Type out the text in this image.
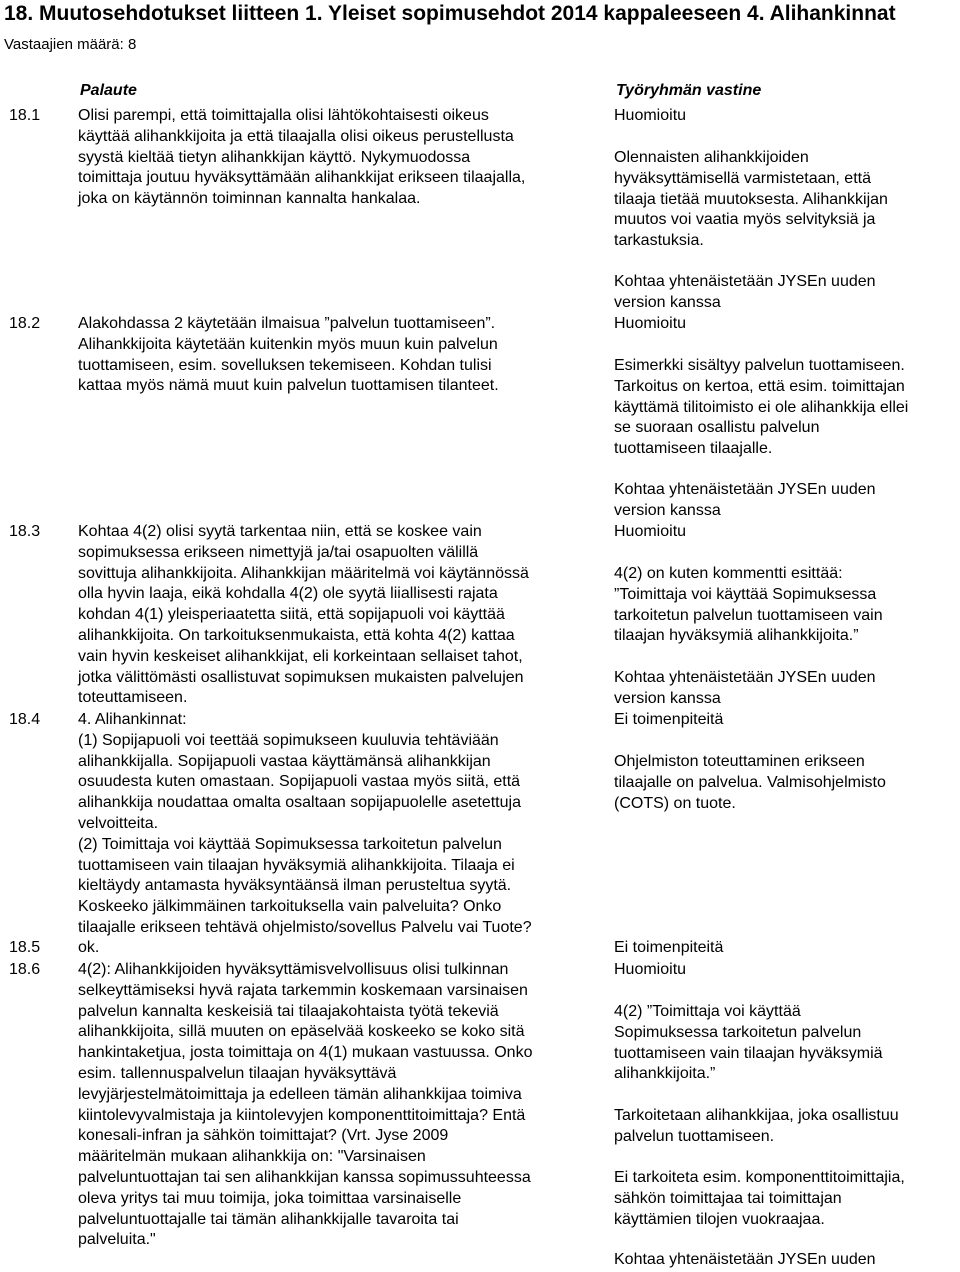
18. Muutosehdotukset liitteen 1. Yleiset sopimusehdot 2014 kappaleeseen 4. Alihankinnat
Vastaajien määrä: 8
Palaute	Työryhmän vastine
18.1 Olisi parempi, että toimittajalla olisi lähtökohtaisesti oikeus
käyttää alihankkijoita ja että tilaajalla olisi oikeus perustellusta
syystä kieltää tietyn alihankkijan käyttö. Nykymuodossa
toimittaja joutuu hyväksyttämään alihankkijat erikseen tilaajalla,
joka on käytännön toiminnan kannalta hankalaa.
Huomioitu
Olennaisten alihankkijoiden
hyväksyttämisellä varmistetaan, että
tilaaja tietää muutoksesta. Alihankkijan
muutos voi vaatia myös selvityksiä ja
tarkastuksia.
Kohtaa yhtenäistetään JYSEn uuden
version kanssa
18.2 Alakohdassa 2 käytetään ilmaisua ”palvelun tuottamiseen”.
Alihankkijoita käytetään kuitenkin myös muun kuin palvelun
tuottamiseen, esim. sovelluksen tekemiseen. Kohdan tulisi
kattaa myös nämä muut kuin palvelun tuottamisen tilanteet.
Huomioitu
Esimerkki sisältyy palvelun tuottamiseen.
Tarkoitus on kertoa, että esim. toimittajan
käyttämä tilitoimisto ei ole alihankkija ellei
se suoraan osallistu palvelun
tuottamiseen tilaajalle.
Kohtaa yhtenäistetään JYSEn uuden
version kanssa
18.3 Kohtaa 4(2) olisi syytä tarkentaa niin, että se koskee vain
sopimuksessa erikseen nimettyjä ja/tai osapuolten välillä
sovittuja alihankkijoita. Alihankkijan määritelmä voi käytännössä
olla hyvin laaja, eikä kohdalla 4(2) ole syytä liiallisesti rajata
kohdan 4(1) yleisperiaatetta siitä, että sopijapuoli voi käyttää
alihankkijoita. On tarkoituksenmukaista, että kohta 4(2) kattaa
vain hyvin keskeiset alihankkijat, eli korkeintaan sellaiset tahot,
jotka välittömästi osallistuvat sopimuksen mukaisten palvelujen
toteuttamiseen.
Huomioitu
4(2) on kuten kommentti esittää:
”Toimittaja voi käyttää Sopimuksessa
tarkoitetun palvelun tuottamiseen vain
tilaajan hyväksymiä alihankkijoita.”
Kohtaa yhtenäistetään JYSEn uuden
version kanssa
18.4 4. Alihankinnat:
(1) Sopijapuoli voi teettää sopimukseen kuuluvia tehtäviään
alihankkijalla. Sopijapuoli vastaa käyttämänsä alihankkijan
osuudesta kuten omastaan. Sopijapuoli vastaa myös siitä, että
alihankkija noudattaa omalta osaltaan sopijapuolelle asetettuja
velvoitteita.
(2) Toimittaja voi käyttää Sopimuksessa tarkoitetun palvelun
tuottamiseen vain tilaajan hyväksymiä alihankkijoita. Tilaaja ei
kieltäydy antamasta hyväksyntäänsä ilman perusteltua syytä.
Koskeeko jälkimmäinen tarkoituksella vain palveluita? Onko
tilaajalle erikseen tehtävä ohjelmisto/sovellus Palvelu vai Tuote?
Ei toimenpiteitä
Ohjelmiston toteuttaminen erikseen
tilaajalle on palvelua. Valmisohjelmisto
(COTS) on tuote.
18.5 ok.	Ei toimenpiteitä
18.6 4(2): Alihankkijoiden hyväksyttämisvelvollisuus olisi tulkinnan
selkeyttämiseksi hyvä rajata tarkemmin koskemaan varsinaisen
palvelun kannalta keskeisiä tai tilaajakohtaista työtä tekeviä
alihankkijoita, sillä muuten on epäselvää koskeeko se koko sitä
hankintaketjua, josta toimittaja on 4(1) mukaan vastuussa. Onko
esim. tallennuspalvelun tilaajan hyväksyttävä
levyjärjestelmätoimittaja ja edelleen tämän alihankkijaa toimiva
kiintolevyvalmistaja ja kiintolevyjen komponenttitoimittaja? Entä
konesali-infran ja sähkön toimittajat? (Vrt. Jyse 2009
määritelmän mukaan alihankkija on: "Varsinaisen
palveluntuottajan tai sen alihankkijan kanssa sopimussuhteessa
oleva yritys tai muu toimija, joka toimittaa varsinaiselle
palveluntuottajalle tai tämän alihankkijalle tavaroita tai
palveluita."
Huomioitu
4(2) ”Toimittaja voi käyttää
Sopimuksessa tarkoitetun palvelun
tuottamiseen vain tilaajan hyväksymiä
alihankkijoita.”
Tarkoitetaan alihankkijaa, joka osallistuu
palvelun tuottamiseen.
Ei tarkoiteta esim. komponenttitoimittajia,
sähkön toimittajaa tai toimittajan
käyttämien tilojen vuokraajaa.
Kohtaa yhtenäistetään JYSEn uuden
